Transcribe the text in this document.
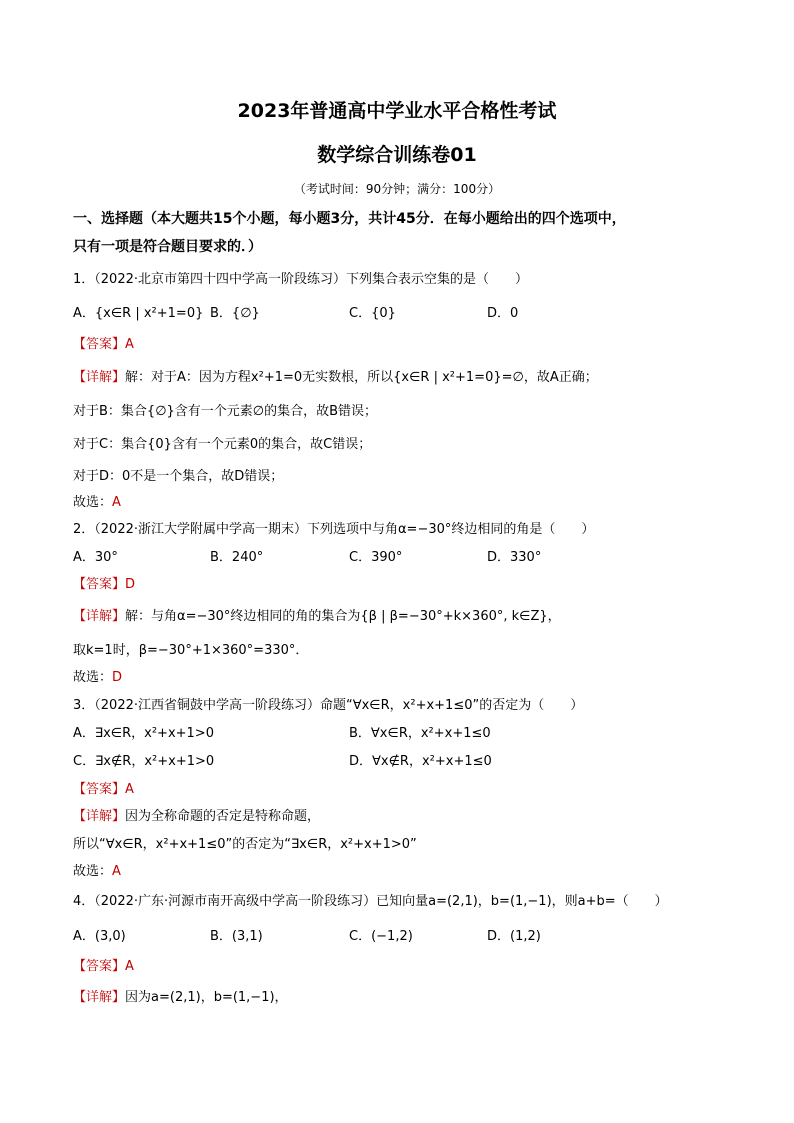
2023年普通高中学业水平合格性考试
数学综合训练卷01
（考试时间：90分钟；满分：100分）
一、选择题（本大题共15个小题，每小题3分，共计45分．在每小题给出的四个选项中，
只有一项是符合题目要求的．）
1．（2022·北京市第四十四中学高一阶段练习）下列集合表示空集的是（　　）
A．{x∈R | x²+1=0} B．{∅}	C．{0}	D．0
【答案】A
【详解】解：对于A：因为方程x²+1=0无实数根，所以{x∈R | x²+1=0}=∅，故A正确；
对于B：集合{∅}含有一个元素∅的集合，故B错误；
对于C：集合{0}含有一个元素0的集合，故C错误；
对于D：0不是一个集合，故D错误；
故选：A
2．（2022·浙江大学附属中学高一期末）下列选项中与角α=−30°终边相同的角是（　　）
A．30°	B．240°	C．390°	D．330°
【答案】D
【详解】解：与角α=−30°终边相同的角的集合为{β | β=−30°+k×360°, k∈Z}，
取k=1时，β=−30°+1×360°=330°．
故选：D
3．（2022·江西省铜鼓中学高一阶段练习）命题“∀x∈R，x²+x+1≤0”的否定为（　　）
A．∃x∈R，x²+x+1>0	B．∀x∈R，x²+x+1≤0
C．∃x∉R，x²+x+1>0	D．∀x∉R，x²+x+1≤0
【答案】A
【详解】因为全称命题的否定是特称命题，
所以“∀x∈R，x²+x+1≤0”的否定为“∃x∈R，x²+x+1>0”
故选：A
4．（2022·广东·河源市南开高级中学高一阶段练习）已知向量a=(2,1)，b=(1,−1)，则a+b=（　　）
A．(3,0)	B．(3,1)	C．(−1,2)	D．(1,2)
【答案】A
【详解】因为a=(2,1)，b=(1,−1)，
